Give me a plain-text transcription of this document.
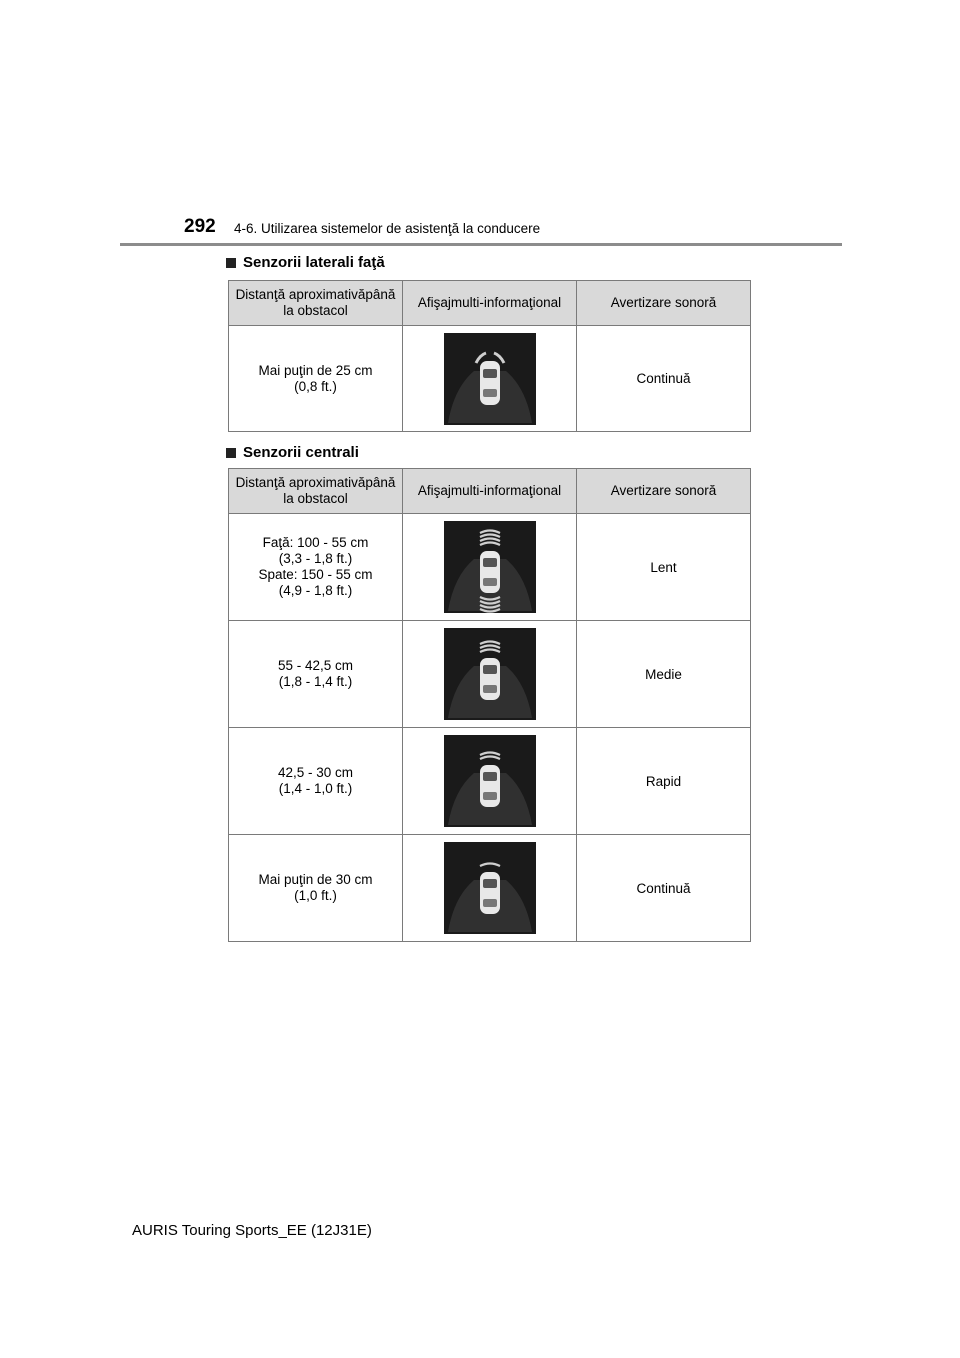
292 4-6. Utilizarea sistemelor de asistenţă la conducere
Senzorii laterali faţă
Distanţă aproximativăpână la obstacol	Afişajmulti-informaţional	Avertizare sonoră

Mai puţin de 25 cm
(0,8 ft.)		Continuă
Senzorii centrali
Distanţă aproximativăpână la obstacol	Afişajmulti-informaţional	Avertizare sonoră

Faţă: 100 - 55 cm
(3,3 - 1,8 ft.)
Spate: 150 - 55 cm
(4,9 - 1,8 ft.)		Lent

55 - 42,5 cm
(1,8 - 1,4 ft.)		Medie

42,5 - 30 cm
(1,4 - 1,0 ft.)		Rapid

Mai puţin de 30 cm
(1,0 ft.)		Continuă
AURIS Touring Sports_EE (12J31E)
